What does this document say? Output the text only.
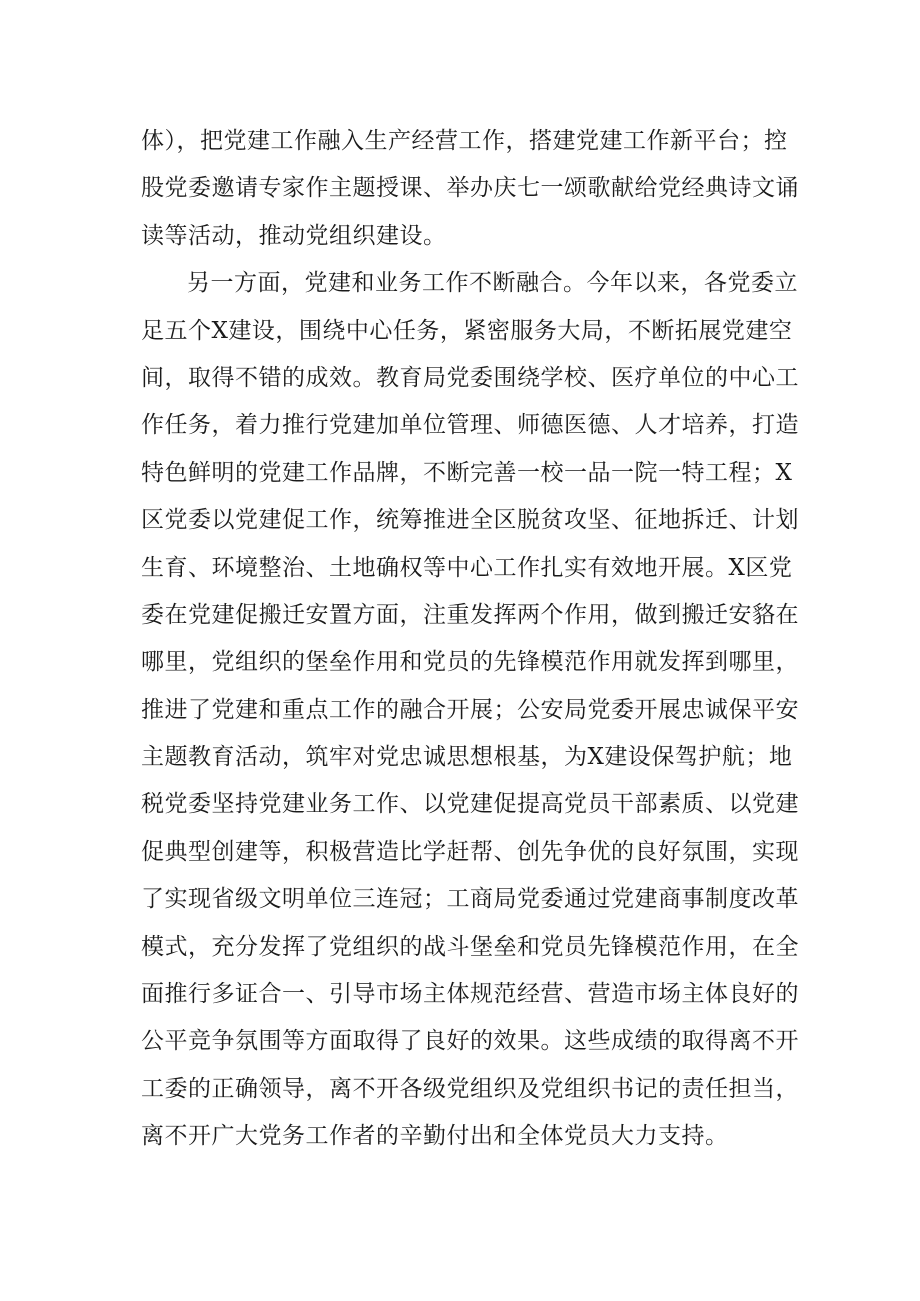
体），把党建工作融入生产经营工作，搭建党建工作新平台；控
股党委邀请专家作主题授课、举办庆七一颂歌献给党经典诗文诵
读等活动，推动党组织建设。
另一方面，党建和业务工作不断融合。今年以来，各党委立
足五个X建设，围绕中心任务，紧密服务大局，不断拓展党建空
间，取得不错的成效。教育局党委围绕学校、医疗单位的中心工
作任务，着力推行党建加单位管理、师德医德、人才培养，打造
特色鲜明的党建工作品牌，不断完善一校一品一院一特工程；X
区党委以党建促工作，统筹推进全区脱贫攻坚、征地拆迁、计划
生育、环境整治、土地确权等中心工作扎实有效地开展。X区党
委在党建促搬迁安置方面，注重发挥两个作用，做到搬迁安貉在
哪里，党组织的堡垒作用和党员的先锋模范作用就发挥到哪里，
推进了党建和重点工作的融合开展；公安局党委开展忠诚保平安
主题教育活动，筑牢对党忠诚思想根基，为X建设保驾护航；地
税党委坚持党建业务工作、以党建促提高党员干部素质、以党建
促典型创建等，积极营造比学赶帮、创先争优的良好氛围，实现
了实现省级文明单位三连冠；工商局党委通过党建商事制度改革
模式，充分发挥了党组织的战斗堡垒和党员先锋模范作用，在全
面推行多证合一、引导市场主体规范经营、营造市场主体良好的
公平竞争氛围等方面取得了良好的效果。这些成绩的取得离不开
工委的正确领导，离不开各级党组织及党组织书记的责任担当，
离不开广大党务工作者的辛勤付出和全体党员大力支持。
